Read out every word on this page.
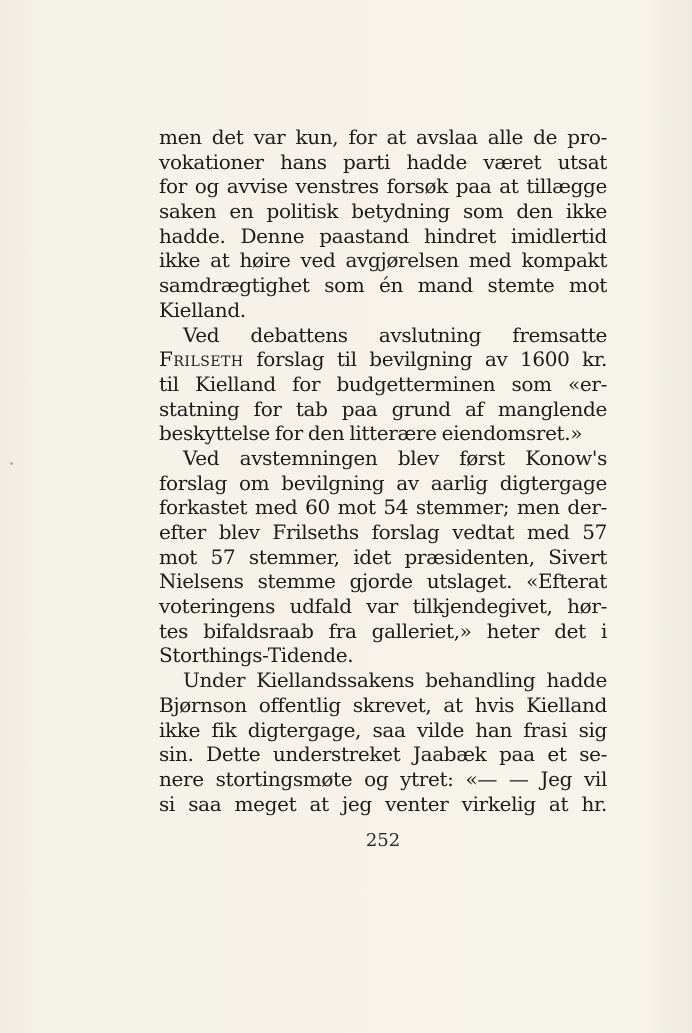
men det var kun, for at avslaa alle de pro-
vokationer hans parti hadde været utsat
for og avvise venstres forsøk paa at tillægge
saken en politisk betydning som den ikke
hadde. Denne paastand hindret imidlertid
ikke at høire ved avgjørelsen med kompakt
samdrægtighet som én mand stemte mot
Kielland.
Ved debattens avslutning fremsatte
Frilseth forslag til bevilgning av 1600 kr.
til Kielland for budgetterminen som «er-
statning for tab paa grund af manglende
beskyttelse for den litterære eiendomsret.»
Ved avstemningen blev først Konow's
forslag om bevilgning av aarlig digtergage
forkastet med 60 mot 54 stemmer; men der-
efter blev Frilseths forslag vedtat med 57
mot 57 stemmer, idet præsidenten, Sivert
Nielsens stemme gjorde utslaget. «Efterat
voteringens udfald var tilkjendegivet, hør-
tes bifaldsraab fra galleriet,» heter det i
Storthings-Tidende.
Under Kiellandssakens behandling hadde
Bjørnson offentlig skrevet, at hvis Kielland
ikke fik digtergage, saa vilde han frasi sig
sin. Dette understreket Jaabæk paa et se-
nere stortingsmøte og ytret: «— — Jeg vil
si saa meget at jeg venter virkelig at hr.
252
